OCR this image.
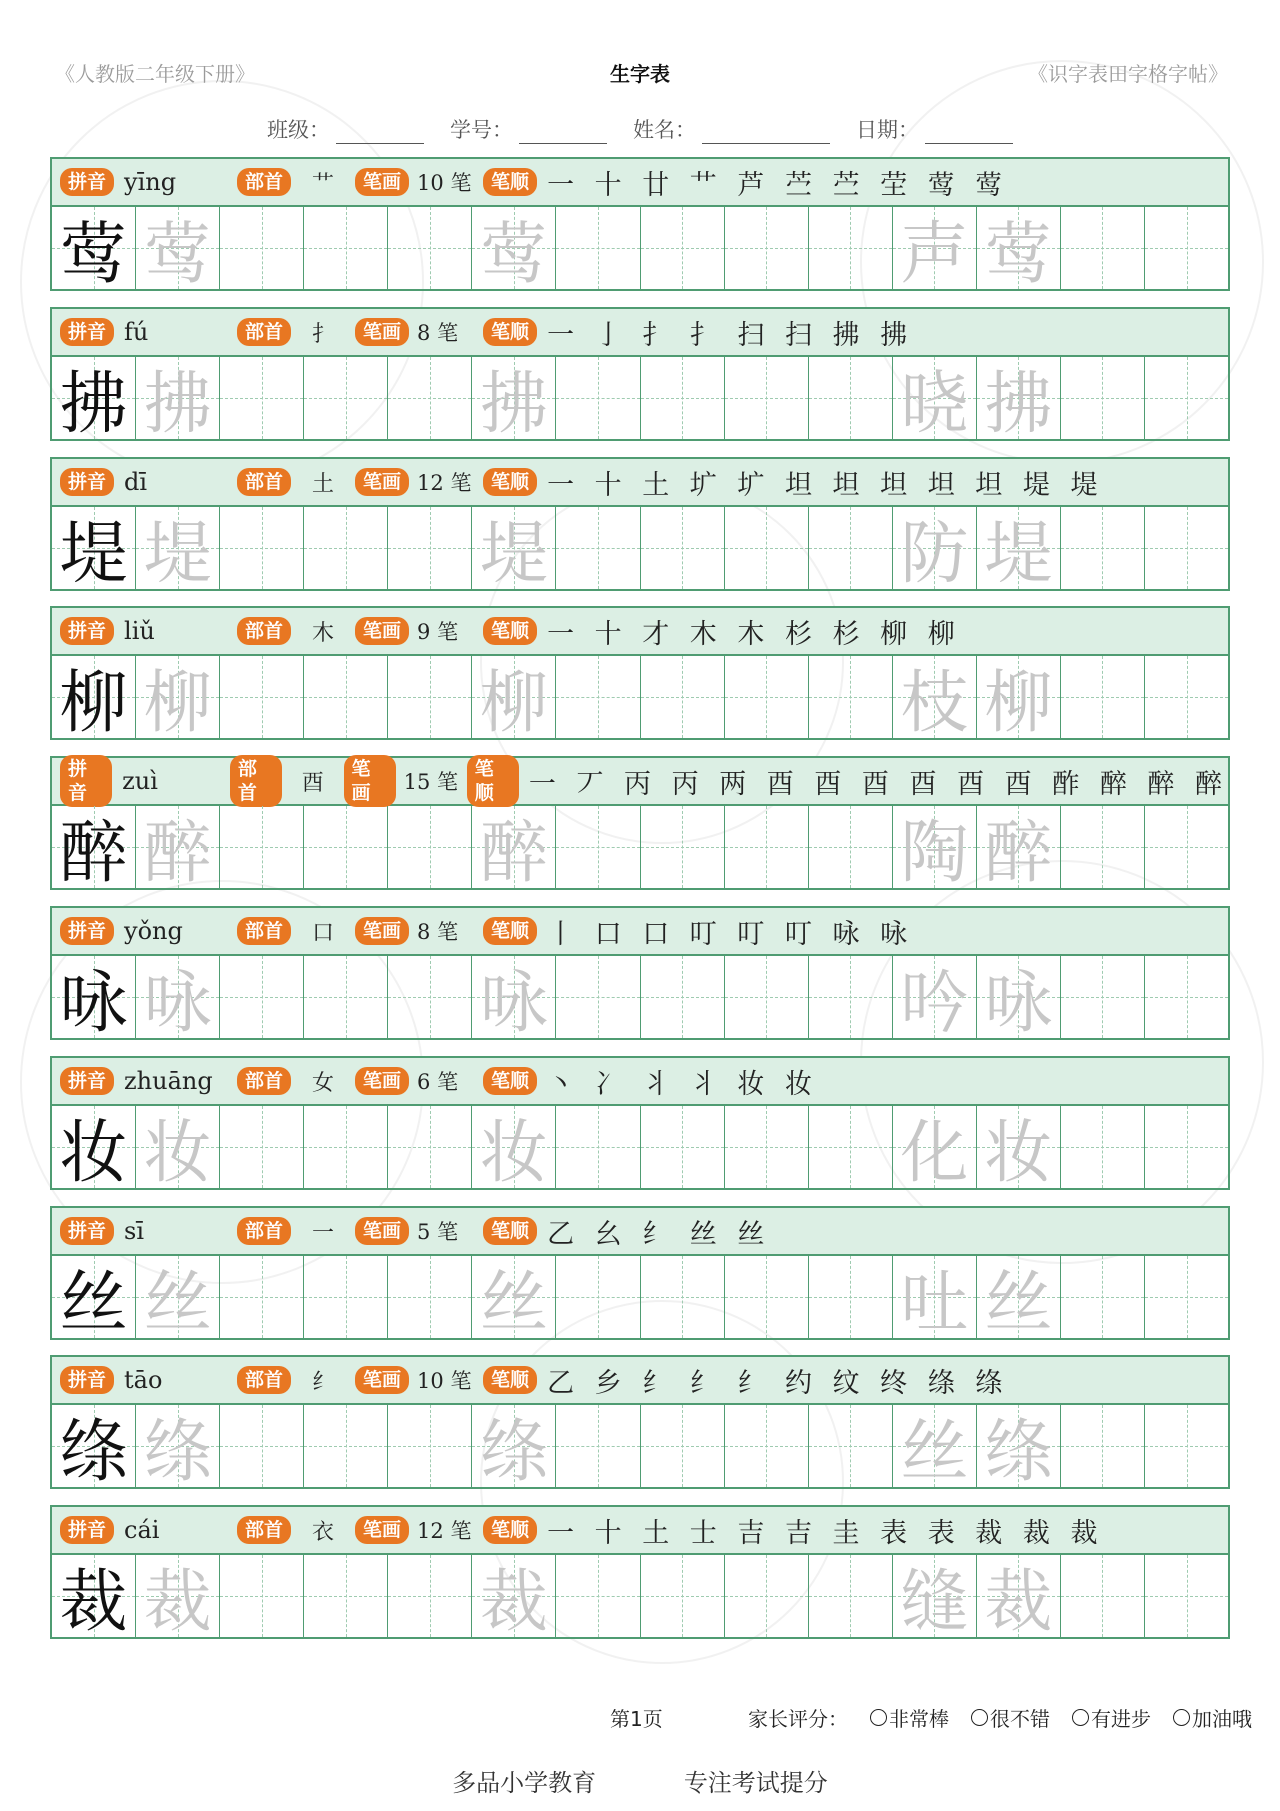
《人教版二年级下册》	生字表	《识字表田字格字帖》
班级：	学号：	姓名：	日期：
拼音 yīng	部首	艹	笔画 10 笔	笔顺 一 十 廿 艹 芦 苎 苎 茔 莺 莺
莺 莺	莺	声 莺
拼音 fú	部首	扌	笔画 8 笔	笔顺 一 亅 扌 扌 扫 扫 拂 拂
拂 拂	拂	晓 拂
拼音 dī	部首	土	笔画 12 笔	笔顺 一 十 土 圹 圹 坦 坦 坦 坦 坦 堤 堤
堤 堤	堤	防 堤
拼音 liǔ	部首	木	笔画 9 笔	笔顺 一 十 才 木 木 杉 杉 柳 柳
柳 柳	柳	枝 柳
拼音	zuì	部首	酉
笔画	15 笔
笔顺	一 丆 丙 丙 两 酉 酉 酉 酉 酉 酉 酢 醉 醉 醉
醉 醉	醉	陶 醉
拼音 yǒng	部首	口	笔画 8 笔	笔顺 丨 口 口 叮 叮 叮 咏 咏
咏 咏	咏	吟 咏
拼音 zhuāng	部首	女	笔画 6 笔	笔顺 丶 冫 丬 丬 妆 妆
妆 妆	妆	化 妆
拼音 sī	部首	一	笔画 5 笔	笔顺 乙 幺 纟 丝 丝
丝 丝	丝	吐 丝
拼音 tāo	部首	纟	笔画 10 笔	笔顺 乙 乡 纟 纟 纟 约 纹 终 绦 绦
绦 绦	绦	丝 绦
拼音 cái	部首	衣	笔画 12 笔	笔顺 一 十 土 士 吉 吉 圭 表 表 裁 裁 裁
裁 裁	裁	缝 裁
第1页	家长评分： 非常棒 很不错 有进步 加油哦
多品小学教育	专注考试提分
